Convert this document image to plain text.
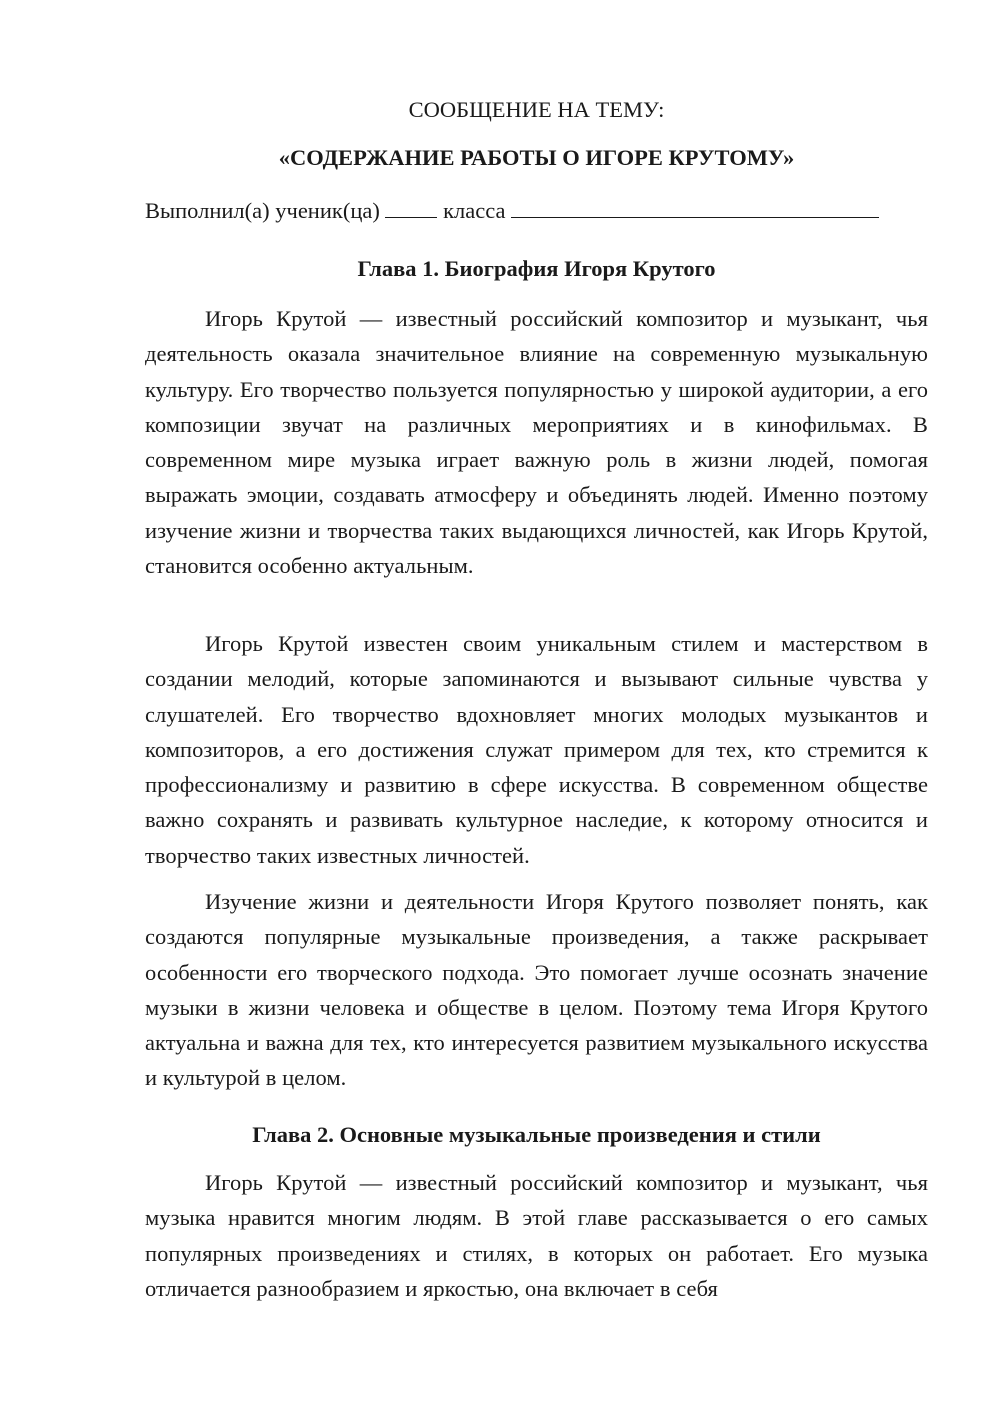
СООБЩЕНИЕ НА ТЕМУ:
«СОДЕРЖАНИЕ РАБОТЫ О ИГОРЕ КРУТОМУ»
Выполнил(а) ученик(ца)	класса
Глава 1. Биография Игоря Крутого

Игорь Крутой — известный российский композитор и музыкант, чья деятельность оказала значительное влияние на современную музыкальную культуру. Его творчество пользуется популярностью у широкой аудитории, а его композиции звучат на различных мероприятиях и в кинофильмах. В современном мире музыка играет важную роль в жизни людей, помогая выражать эмоции, создавать атмосферу и объединять людей. Именно поэтому изучение жизни и творчества таких выдающихся личностей, как Игорь Крутой, становится особенно актуальным.

Игорь Крутой известен своим уникальным стилем и мастерством в создании мелодий, которые запоминаются и вызывают сильные чувства у слушателей. Его творчество вдохновляет многих молодых музыкантов и композиторов, а его достижения служат примером для тех, кто стремится к профессионализму и развитию в сфере искусства. В современном обществе важно сохранять и развивать культурное наследие, к которому относится и творчество таких известных личностей.

Изучение жизни и деятельности Игоря Крутого позволяет понять, как создаются популярные музыкальные произведения, а также раскрывает особенности его творческого подхода. Это помогает лучше осознать значение музыки в жизни человека и обществе в целом. Поэтому тема Игоря Крутого актуальна и важна для тех, кто интересуется развитием музыкального искусства и культурой в целом.

Глава 2. Основные музыкальные произведения и стили

Игорь Крутой — известный российский композитор и музыкант, чья музыка нравится многим людям. В этой главе рассказывается о его самых популярных произведениях и стилях, в которых он работает. Его музыка отличается разнообразием и яркостью, она включает в себя
